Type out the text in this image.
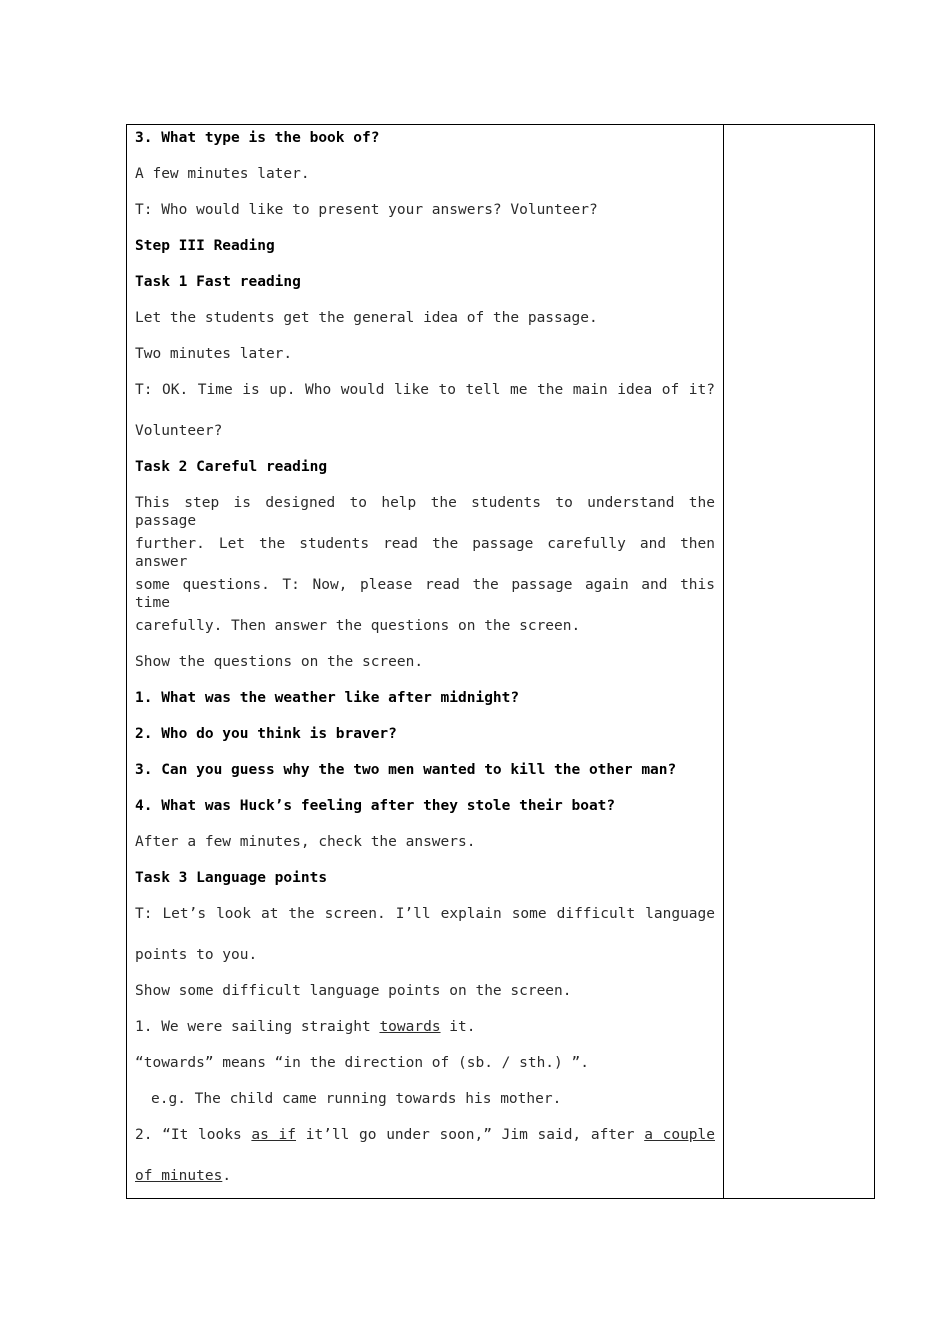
3. What type is the book of?
A few minutes later.
T: Who would like to present your answers? Volunteer?
Step III Reading
Task 1 Fast reading
Let the students get the general idea of the passage.
Two minutes later.
T: OK. Time is up. Who would like to tell me the main idea of it?
Volunteer?
Task 2 Careful reading
This step is designed to help the students to understand the passage
further. Let the students read the passage carefully and then answer
some questions. T: Now, please read the passage again and this time
carefully. Then answer the questions on the screen.
Show the questions on the screen.
1. What was the weather like after midnight?
2. Who do you think is braver?
3. Can you guess why the two men wanted to kill the other man?
4. What was Huck’s feeling after they stole their boat?
After a few minutes, check the answers.
Task 3 Language points
T: Let’s look at the screen. I’ll explain some difficult language
points to you.
Show some difficult language points on the screen.
1. We were sailing straight towards it.
“towards” means “in the direction of (sb. / sth.) ”.
e.g. The child came running towards his mother.
2. “It looks as if it’ll go under soon,” Jim said, after a couple
of minutes.
